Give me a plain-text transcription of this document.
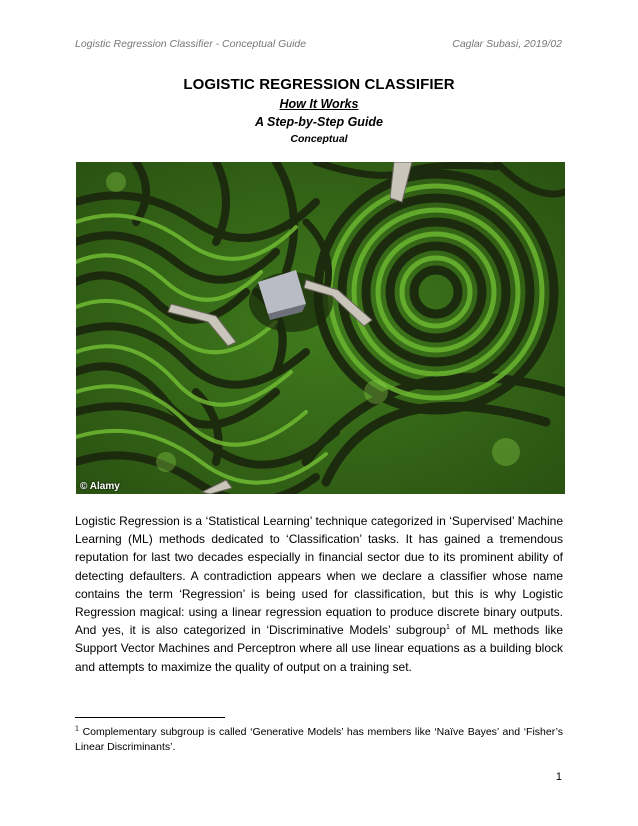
Logistic Regression Classifier - Conceptual Guide	Caglar Subasi, 2019/02
LOGISTIC REGRESSION CLASSIFIER
How It Works
A Step-by-Step Guide
Conceptual
© Alamy
Logistic Regression is a ‘Statistical Learning’ technique categorized in ‘Supervised’ Machine Learning (ML) methods dedicated to ‘Classification’ tasks. It has gained a tremendous reputation for last two decades especially in financial sector due to its prominent ability of detecting defaulters. A contradiction appears when we declare a classifier whose name contains the term ‘Regression’ is being used for classification, but this is why Logistic Regression magical: using a linear regression equation to produce discrete binary outputs. And yes, it is also categorized in ‘Discriminative Models’ subgroup$^1$ of ML methods like Support Vector Machines and Perceptron where all use linear equations as a building block and attempts to maximize the quality of output on a training set.
$^1$ Complementary subgroup is called ‘Generative Models’ has members like ‘Naïve Bayes’ and ‘Fisher’s Linear Discriminants’.
1
